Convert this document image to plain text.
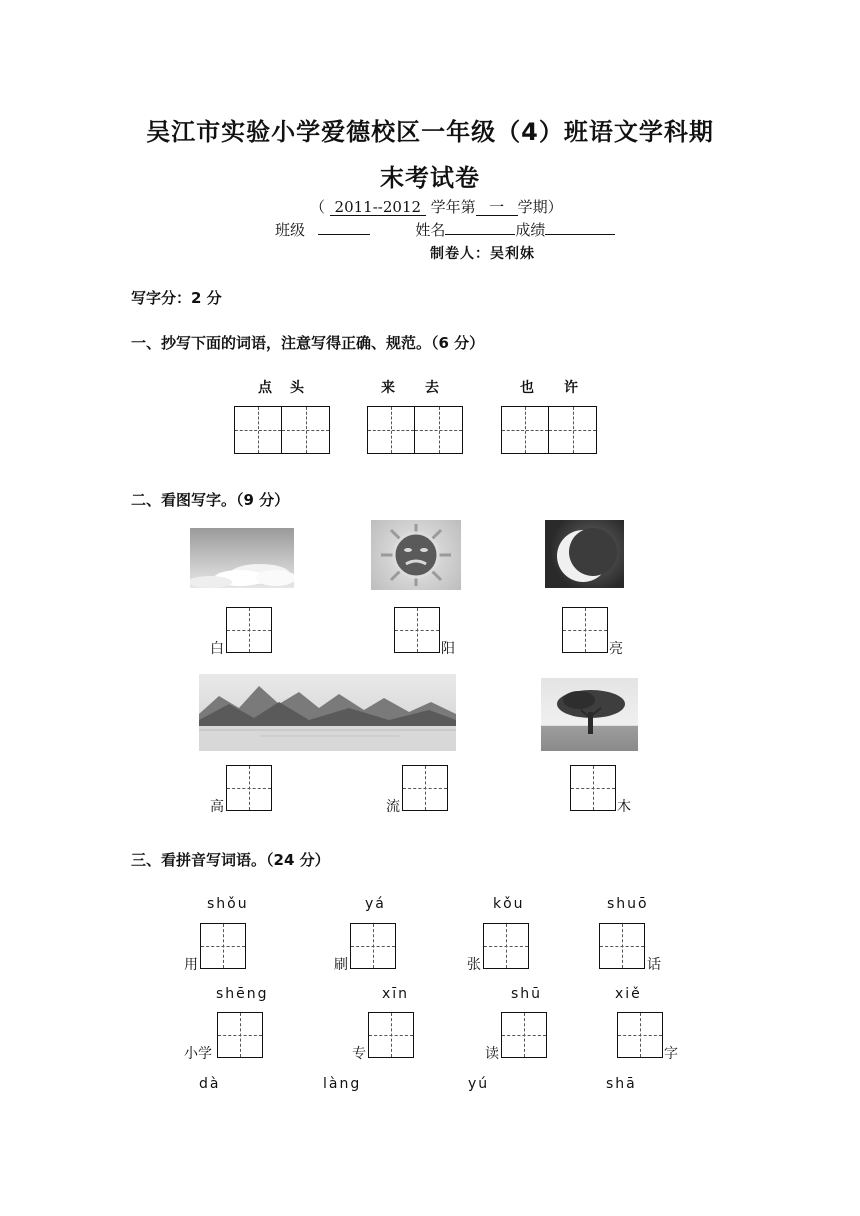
吴江市实验小学爱德校区一年级（4）班语文学科期
末考试卷
（ 2011--2012 学年第 一 学期）
班级	姓名	成绩
制卷人：吴利妹
写字分：2 分
一、抄写下面的词语，注意写得正确、规范。（6 分）
点 头	来 去	也 许
二、看图写字。（9 分）
白	阳	亮
高	流	木
三、看拼音写词语。（24 分）
shǒu	yá	kǒu	shuō
用	刷	张	话
shēng	xīn	shū	xiě
小学	专	读	字
dà	làng	yú	shā
